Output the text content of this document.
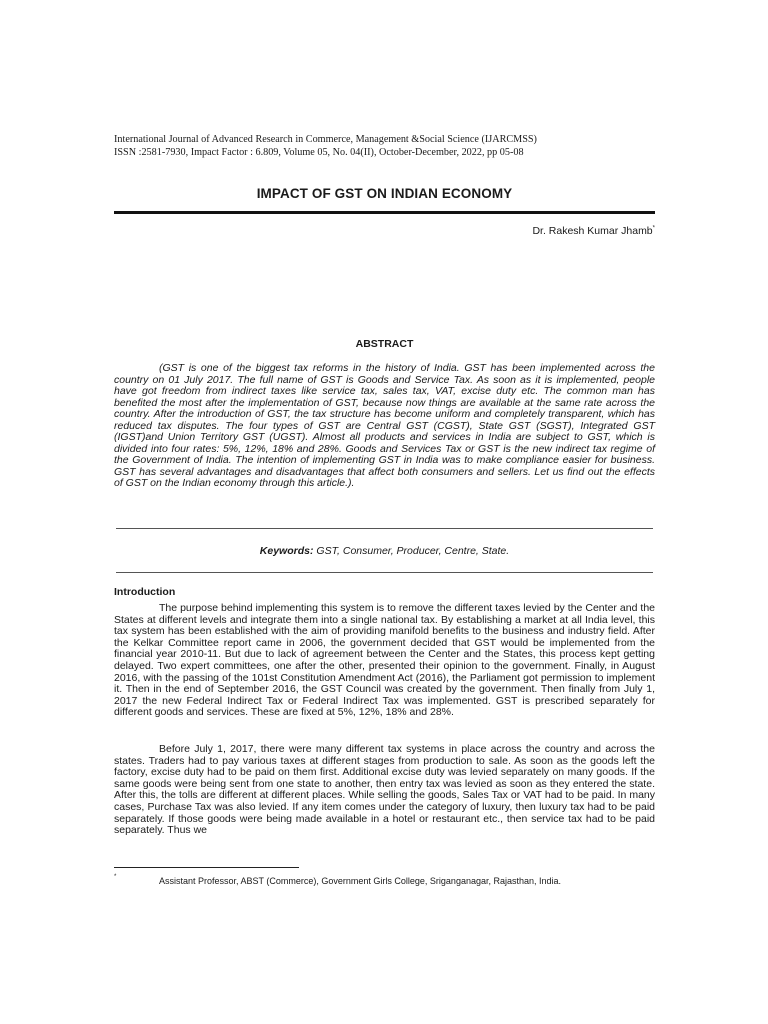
International Journal of Advanced Research in Commerce, Management &Social Science (IJARCMSS)
ISSN :2581-7930, Impact Factor : 6.809, Volume 05, No. 04(II), October-December, 2022, pp 05-08
IMPACT OF GST ON INDIAN ECONOMY
Dr. Rakesh Kumar Jhamb*
ABSTRACT

(GST is one of the biggest tax reforms in the history of India. GST has been implemented across the country on 01 July 2017. The full name of GST is Goods and Service Tax. As soon as it is implemented, people have got freedom from indirect taxes like service tax, sales tax, VAT, excise duty etc. The common man has benefited the most after the implementation of GST, because now things are available at the same rate across the country. After the introduction of GST, the tax structure has become uniform and completely transparent, which has reduced tax disputes. The four types of GST are Central GST (CGST), State GST (SGST), Integrated GST (IGST)and Union Territory GST (UGST). Almost all products and services in India are subject to GST, which is divided into four rates: 5%, 12%, 18% and 28%. Goods and Services Tax or GST is the new indirect tax regime of the Government of India. The intention of implementing GST in India was to make compliance easier for business. GST has several advantages and disadvantages that affect both consumers and sellers. Let us find out the effects of GST on the Indian economy through this article.).

Keywords: GST, Consumer, Producer, Centre, State.
Introduction

The purpose behind implementing this system is to remove the different taxes levied by the Center and the States at different levels and integrate them into a single national tax. By establishing a market at all India level, this tax system has been established with the aim of providing manifold benefits to the business and industry field. After the Kelkar Committee report came in 2006, the government decided that GST would be implemented from the financial year 2010-11. But due to lack of agreement between the Center and the States, this process kept getting delayed. Two expert committees, one after the other, presented their opinion to the government. Finally, in August 2016, with the passing of the 101st Constitution Amendment Act (2016), the Parliament got permission to implement it. Then in the end of September 2016, the GST Council was created by the government. Then finally from July 1, 2017 the new Federal Indirect Tax or Federal Indirect Tax was implemented. GST is prescribed separately for different goods and services. These are fixed at 5%, 12%, 18% and 28%.

Before July 1, 2017, there were many different tax systems in place across the country and across the states. Traders had to pay various taxes at different stages from production to sale. As soon as the goods left the factory, excise duty had to be paid on them first. Additional excise duty was levied separately on many goods. If the same goods were being sent from one state to another, then entry tax was levied as soon as they entered the state. After this, the tolls are different at different places. While selling the goods, Sales Tax or VAT had to be paid. In many cases, Purchase Tax was also levied. If any item comes under the category of luxury, then luxury tax had to be paid separately. If those goods were being made available in a hotel or restaurant etc., then service tax had to be paid separately. Thus we

*	Assistant Professor, ABST (Commerce), Government Girls College, Sriganganagar, Rajasthan, India.
